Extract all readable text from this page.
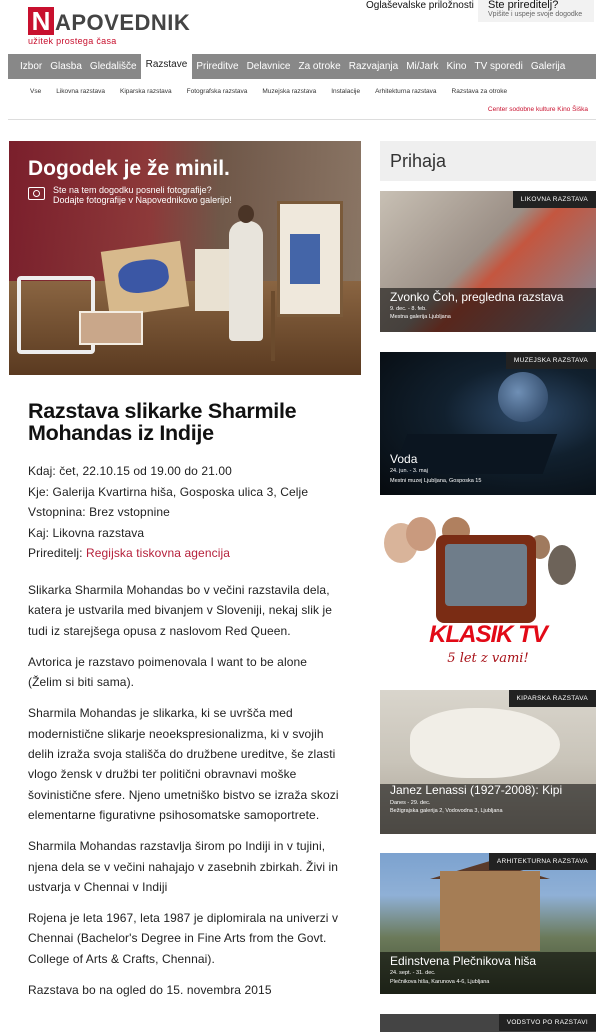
N APOVEDNIK
užitek prostega časa
Oglaševalske priložnosti	Ste prireditelj?
Vpišite i uspeje svoje dogodke
Izbor Glasba Gledališče Razstave Prireditve Delavnice Za otroke Razvajanja Mi/Jark Kino TV sporedi Galerija
Vse Likovna razstava Kiparska razstava Fotografska razstava Muzejska razstava Instalacije Arhitekturna razstava Razstava za otroke
Center sodobne kulture Kino Šiška
Dogodek je že minil.
Ste na tem dogodku posneli fotografije?
Dodajte fotografije v Napovednikovo galerijo!
Razstava slikarke Sharmile Mohandas iz Indije
Kdaj: čet, 22.10.15 od 19.00 do 21.00
Kje: Galerija Kvartirna hiša, Gosposka ulica 3, Celje
Vstopnina: Brez vstopnine
Kaj: Likovna razstava
Prireditelj: Regijska tiskovna agencija

Slikarka Sharmila Mohandas bo v večini razstavila dela, katera je ustvarila med bivanjem v Sloveniji, nekaj slik je tudi iz starejšega opusa z naslovom Red Queen.

Avtorica je razstavo poimenovala I want to be alone (Želim si biti sama).

Sharmila Mohandas je slikarka, ki se uvršča med modernistične slikarje neoekspresionalizma, ki v svojih delih izraža svoja stališča do družbene ureditve, še zlasti vlogo žensk v družbi ter politični obravnavi moške šovinistične sfere. Njeno umetniško bistvo se izraža skozi elementarne figurativne psihosomatske samoportrete.

Sharmila Mohandas razstavlja širom po Indiji in v tujini, njena dela se v večini nahajajo v zasebnih zbirkah. Živi in ustvarja v Chennai v Indiji

Rojena je leta 1967, leta 1987 je diplomirala na univerzi v Chennai (Bachelor's Degree in Fine Arts from the Govt. College of Arts & Crafts, Chennai).

Razstava bo na ogled do 15. novembra 2015

Prihaja
LIKOVNA RAZSTAVA
Zvonko Čoh, pregledna razstava
9. dec. - 8. feb.
Mestna galerija Ljubljana
MUZEJSKA RAZSTAVA
Voda
24. jun. - 3. maj
Mestni muzej Ljubljana, Gosposka 15
KLASIK TV
5 let z vami!
KIPARSKA RAZSTAVA
Janez Lenassi (1927-2008): Kipi
Danes - 29. dec.
Bežigrajska galerija 2, Vodovodna 3, Ljubljana
ARHITEKTURNA RAZSTAVA
Edinstvena Plečnikova hiša
24. sept. - 31. dec.
Plečnikova hiša, Karunova 4-6, Ljubljana
VODSTVO PO RAZSTAVI
